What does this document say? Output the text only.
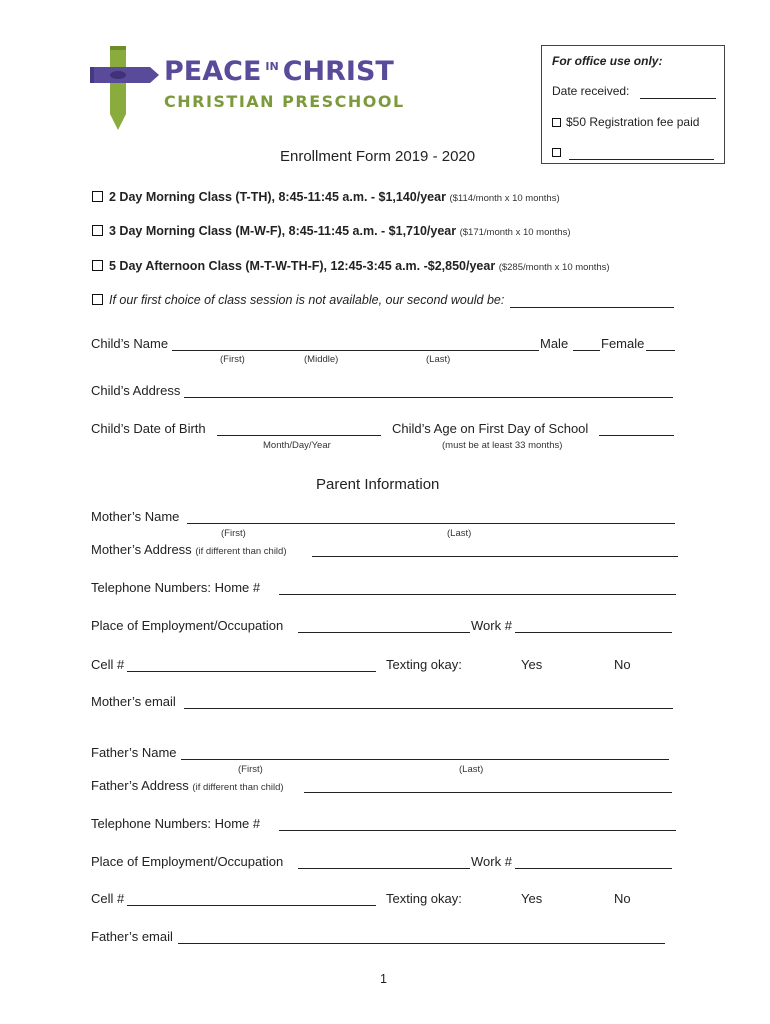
PEACE $^{IN}$ CHRIST
CHRISTIAN PRESCHOOL
For office use only:
Date received:
$50 Registration fee paid
Enrollment Form 2019 - 2020
2 Day Morning Class (T-TH), 8:45-11:45 a.m. - $1,140/year ($114/month x 10 months)
3 Day Morning Class (M-W-F), 8:45-11:45 a.m. - $1,710/year ($171/month x 10 months)
5 Day Afternoon Class (M-T-W-TH-F), 12:45-3:45 a.m. -$2,850/year ($285/month x 10 months)
If our first choice of class session is not available, our second would be:
Child’s Name	Male	Female
(First)	(Middle)	(Last)
Child’s Address
Child’s Date of Birth	Child’s Age on First Day of School
Month/Day/Year	(must be at least 33 months)
Parent Information
Mother’s Name
(First)	(Last)
Mother’s Address (if different than child)
Telephone Numbers: Home #
Place of Employment/Occupation	Work #
Cell #	Texting okay:	Yes	No
Mother’s email
Father’s Name
(First)	(Last)
Father’s Address (if different than child)
Telephone Numbers: Home #
Place of Employment/Occupation	Work #
Cell #	Texting okay:	Yes	No
Father’s email
1
